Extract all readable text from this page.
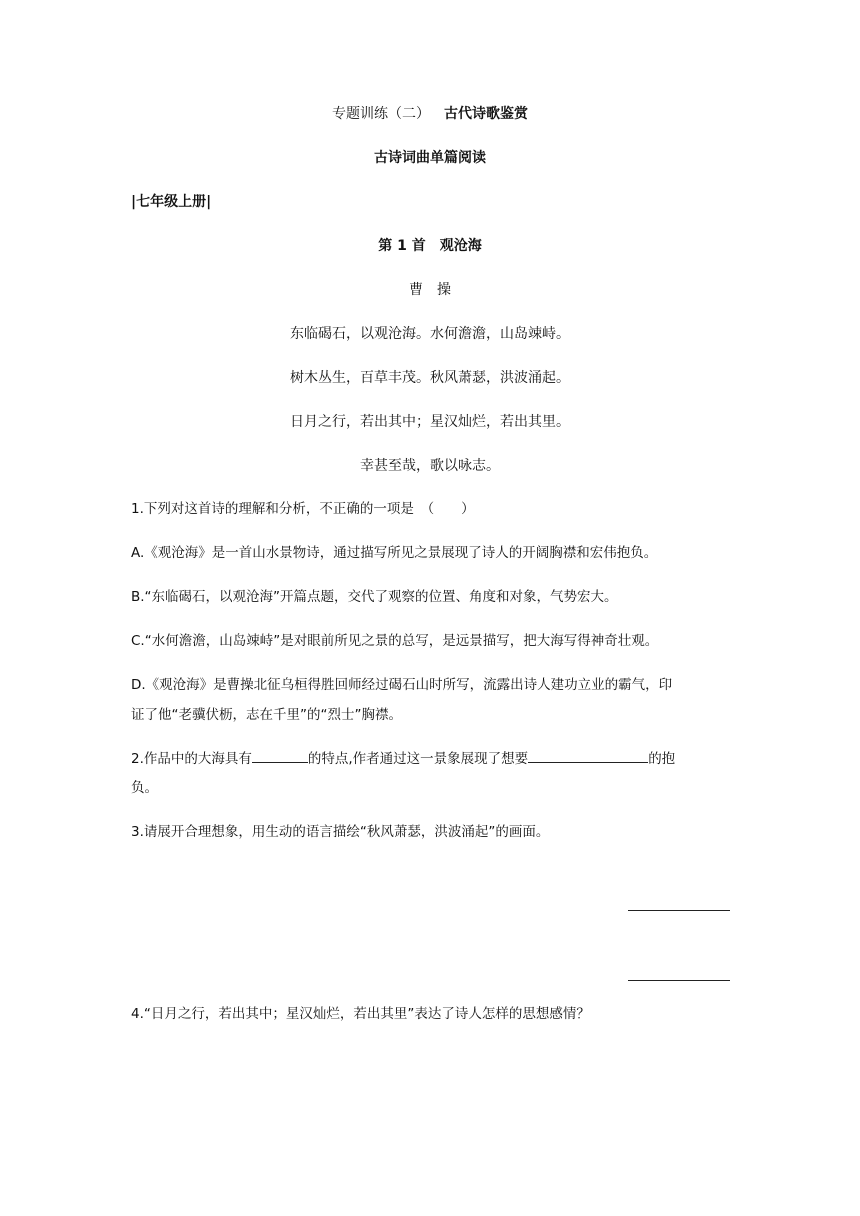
专题训练（二） 古代诗歌鉴赏
古诗词曲单篇阅读
|七年级上册|
第 1 首　观沧海
曹　操
东临碣石，以观沧海。水何澹澹，山岛竦峙。
树木丛生，百草丰茂。秋风萧瑟，洪波涌起。
日月之行，若出其中；星汉灿烂，若出其里。
幸甚至哉，歌以咏志。
1.下列对这首诗的理解和分析，不正确的一项是　（　　）
A.《观沧海》是一首山水景物诗，通过描写所见之景展现了诗人的开阔胸襟和宏伟抱负。
B.“东临碣石，以观沧海”开篇点题，交代了观察的位置、角度和对象，气势宏大。
C.“水何澹澹，山岛竦峙”是对眼前所见之景的总写，是远景描写，把大海写得神奇壮观。
D.《观沧海》是曹操北征乌桓得胜回师经过碣石山时所写，流露出诗人建功立业的霸气，印
证了他“老骥伏枥，志在千里”的“烈士”胸襟。
2.作品中的大海具有	的特点,作者通过这一景象展现了想要	的抱
负。
3.请展开合理想象，用生动的语言描绘“秋风萧瑟，洪波涌起”的画面。
4.“日月之行，若出其中；星汉灿烂，若出其里”表达了诗人怎样的思想感情？
